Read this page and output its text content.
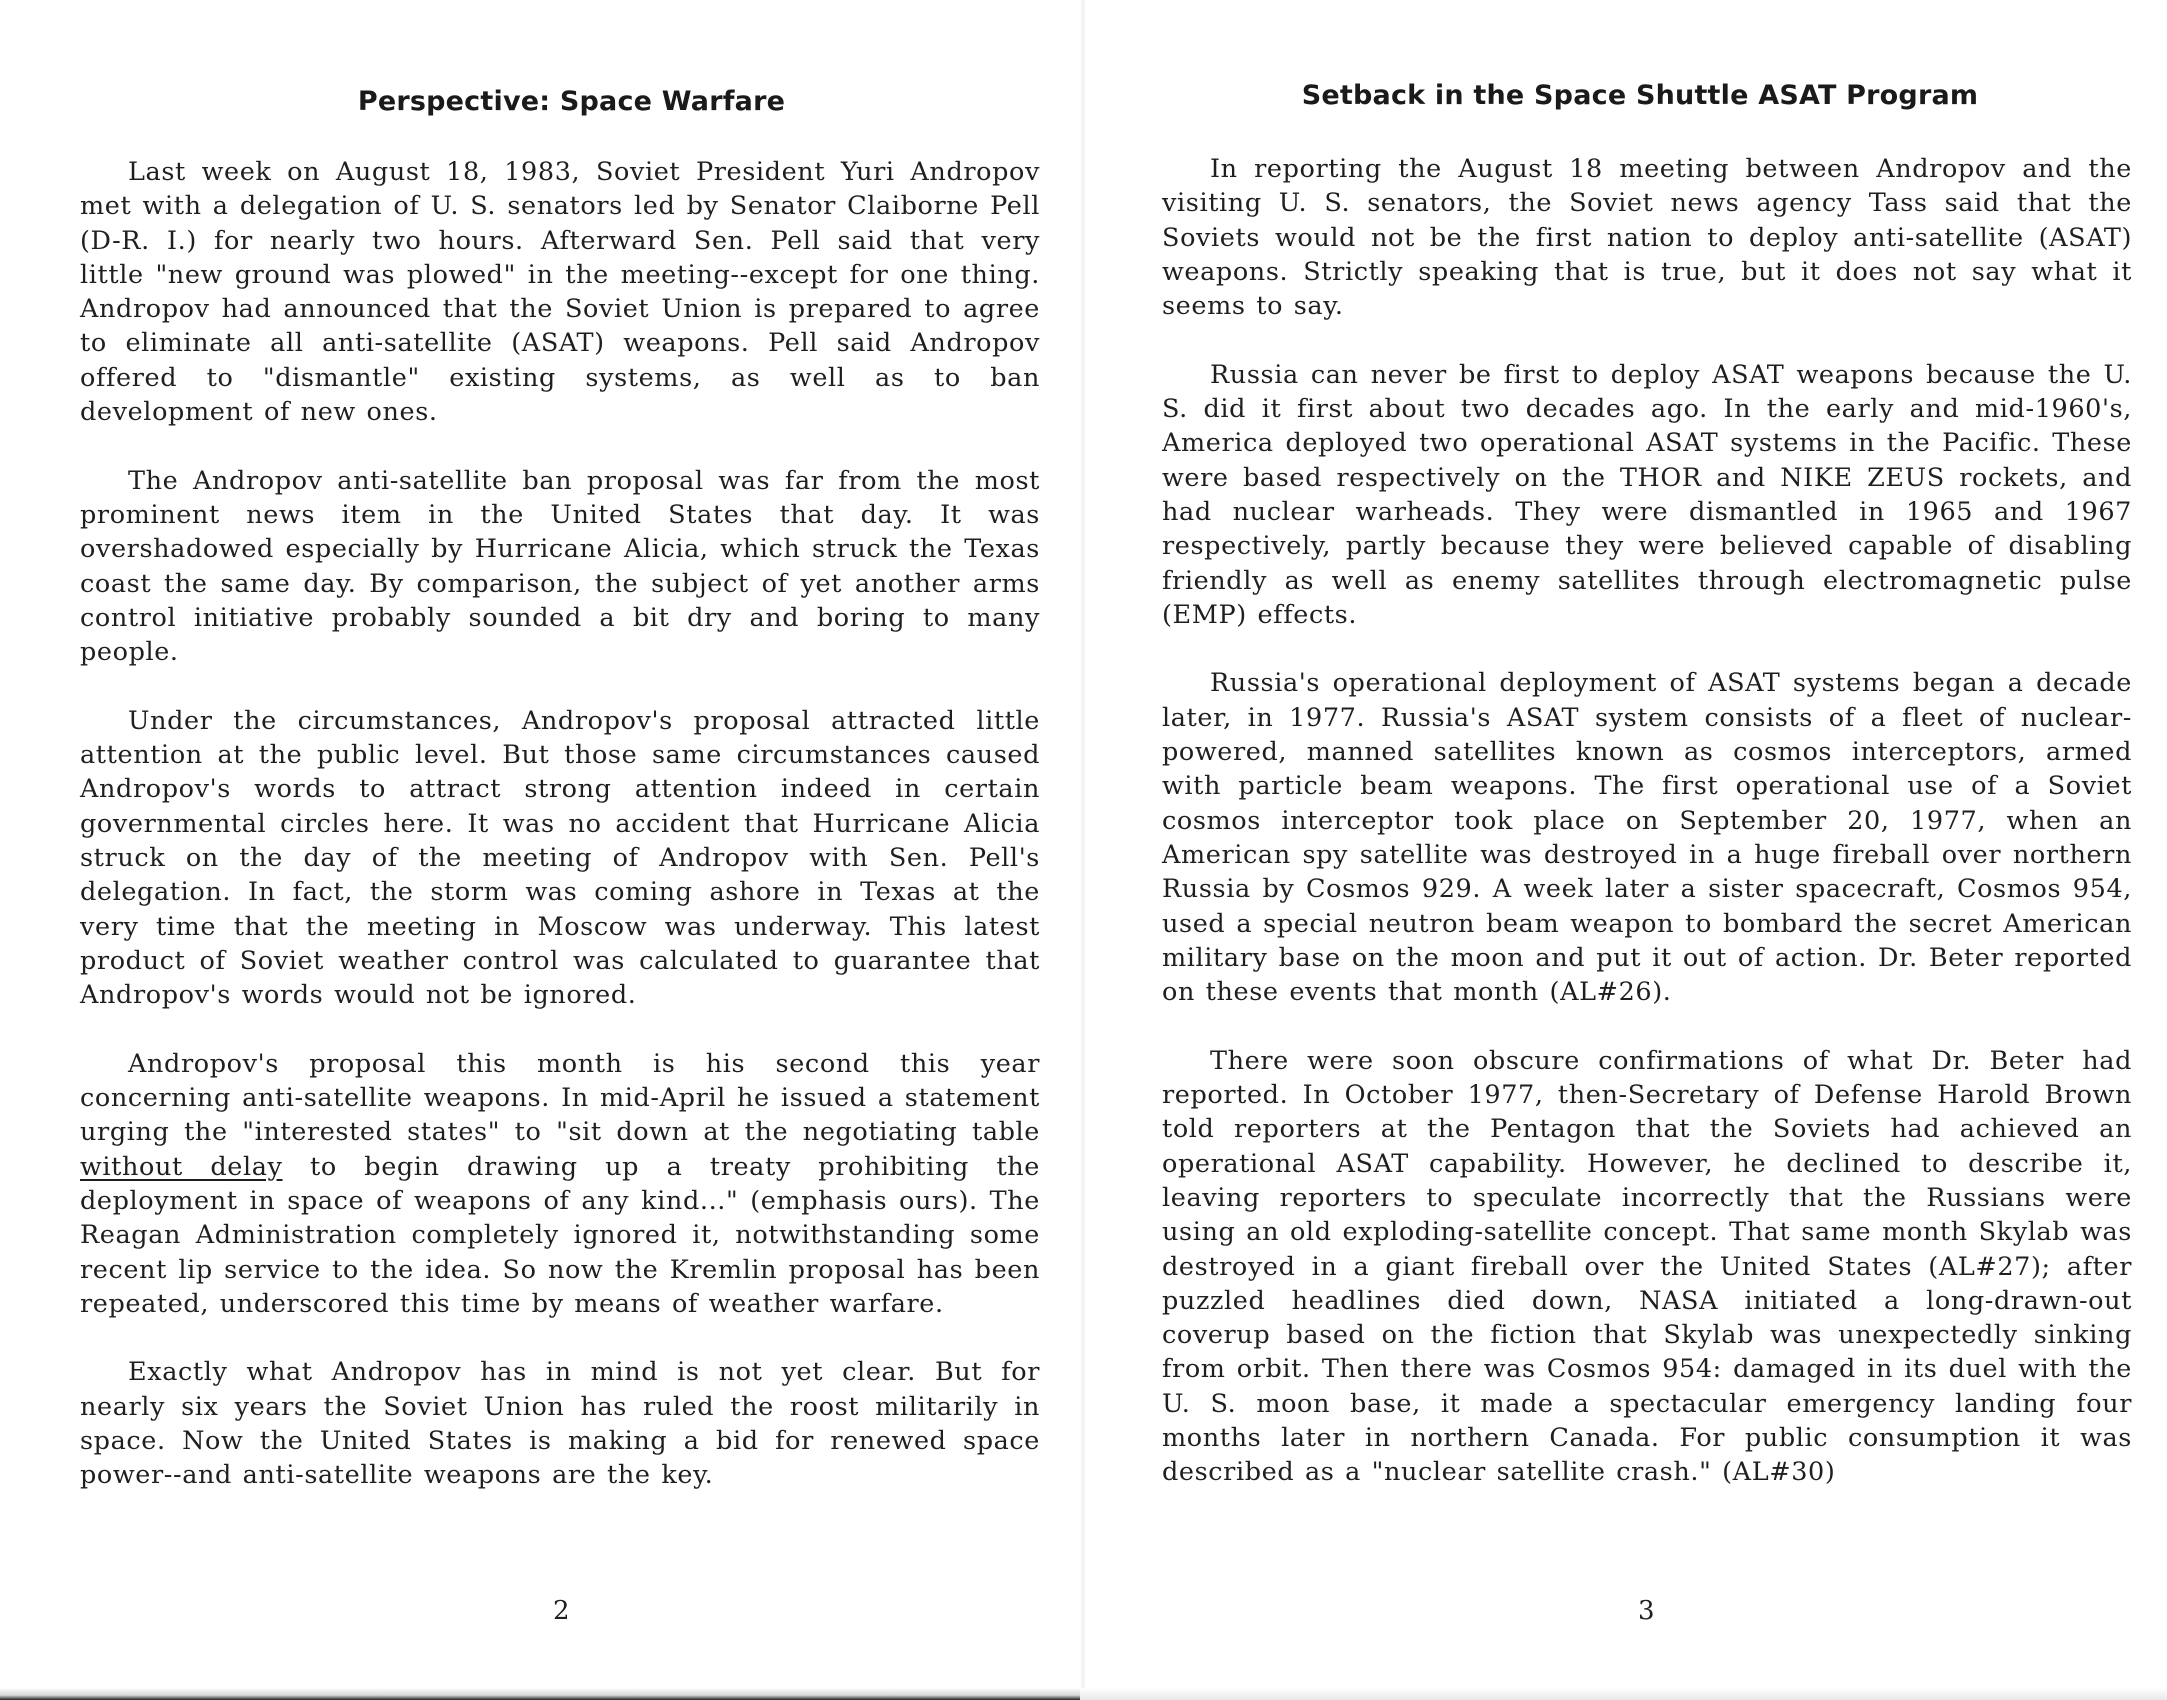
Perspective: Space Warfare

Last week on August 18, 1983, Soviet President Yuri Andropov met with a delegation of U. S. senators led by Senator Claiborne Pell (D-R. I.) for nearly two hours. Afterward Sen. Pell said that very little "new ground was plowed" in the meeting--except for one thing. Andropov had announced that the Soviet Union is prepared to agree to eliminate all anti-satellite (ASAT) weapons. Pell said Andropov offered to "dismantle" existing systems, as well as to ban development of new ones.

The Andropov anti-satellite ban proposal was far from the most prominent news item in the United States that day. It was overshadowed especially by Hurricane Alicia, which struck the Texas coast the same day. By comparison, the subject of yet another arms control initiative probably sounded a bit dry and boring to many people.

Under the circumstances, Andropov's proposal attracted little attention at the public level. But those same circumstances caused Andropov's words to attract strong attention indeed in certain governmental circles here. It was no accident that Hurricane Alicia struck on the day of the meeting of Andropov with Sen. Pell's delegation. In fact, the storm was coming ashore in Texas at the very time that the meeting in Moscow was underway. This latest product of Soviet weather control was calculated to guarantee that Andropov's words would not be ignored.

Andropov's proposal this month is his second this year concerning anti-satellite weapons. In mid-April he issued a statement urging the "interested states" to "sit down at the negotiating table without delay to begin drawing up a treaty prohibiting the deployment in space of weapons of any kind..." (emphasis ours). The Reagan Administration completely ignored it, notwithstanding some recent lip service to the idea. So now the Kremlin proposal has been repeated, underscored this time by means of weather warfare.

Exactly what Andropov has in mind is not yet clear. But for nearly six years the Soviet Union has ruled the roost militarily in space. Now the United States is making a bid for renewed space power--and anti-satellite weapons are the key.

2
Setback in the Space Shuttle ASAT Program

In reporting the August 18 meeting between Andropov and the visiting U. S. senators, the Soviet news agency Tass said that the Soviets would not be the first nation to deploy anti-satellite (ASAT) weapons. Strictly speaking that is true, but it does not say what it seems to say.

Russia can never be first to deploy ASAT weapons because the U. S. did it first about two decades ago. In the early and mid-1960's, America deployed two operational ASAT systems in the Pacific. These were based respectively on the THOR and NIKE ZEUS rockets, and had nuclear warheads. They were dismantled in 1965 and 1967 respectively, partly because they were believed capable of disabling friendly as well as enemy satellites through electromagnetic pulse (EMP) effects.

Russia's operational deployment of ASAT systems began a decade later, in 1977. Russia's ASAT system consists of a fleet of nuclear-powered, manned satellites known as cosmos interceptors, armed with particle beam weapons. The first operational use of a Soviet cosmos interceptor took place on September 20, 1977, when an American spy satellite was destroyed in a huge fireball over northern Russia by Cosmos 929. A week later a sister spacecraft, Cosmos 954, used a special neutron beam weapon to bombard the secret American military base on the moon and put it out of action. Dr. Beter reported on these events that month (AL#26).

There were soon obscure confirmations of what Dr. Beter had reported. In October 1977, then-Secretary of Defense Harold Brown told reporters at the Pentagon that the Soviets had achieved an operational ASAT capability. However, he declined to describe it, leaving reporters to speculate incorrectly that the Russians were using an old exploding-satellite concept. That same month Skylab was destroyed in a giant fireball over the United States (AL#27); after puzzled headlines died down, NASA initiated a long-drawn-out coverup based on the fiction that Skylab was unexpectedly sinking from orbit. Then there was Cosmos 954: damaged in its duel with the U. S. moon base, it made a spectacular emergency landing four months later in northern Canada. For public consumption it was described as a "nuclear satellite crash." (AL#30)

3
